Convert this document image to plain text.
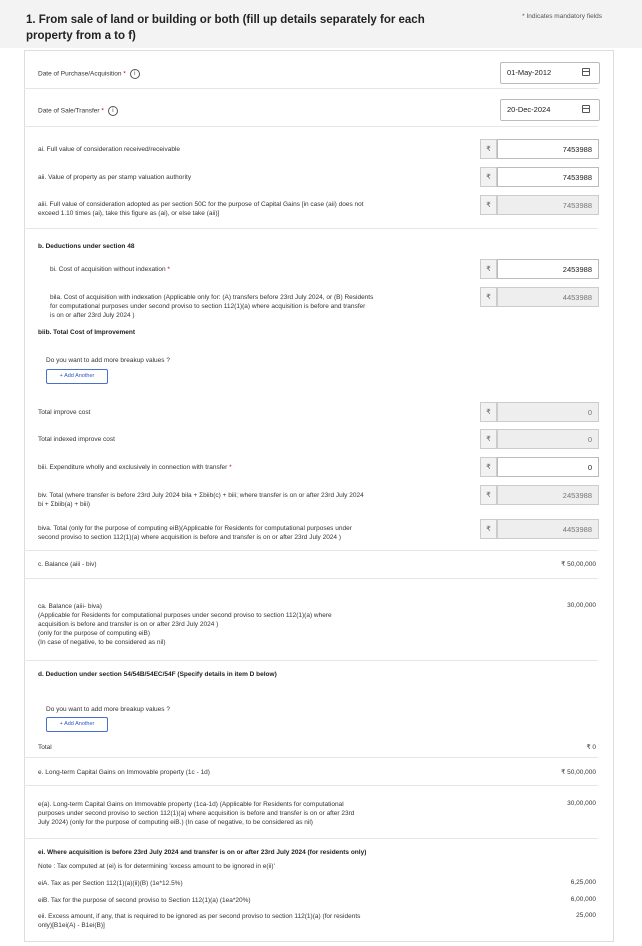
1. From sale of land or building or both (fill up details separately for each property from a to f)
* Indicates mandatory fields
Date of Purchase/Acquisition * i	01-May-2012
Date of Sale/Transfer * i	20-Dec-2024
ai. Full value of consideration received/receivable	₹	7453988
aii. Value of property as per stamp valuation authority	₹	7453988
aiii. Full value of consideration adopted as per section 50C for the purpose of Capital Gains [in case (aii) does not
exceed 1.10 times (ai), take this figure as (ai), or else take (aii)]
₹	7453988
b. Deductions under section 48
bi. Cost of acquisition without indexation *	₹	2453988
bila. Cost of acquisition with indexation (Applicable only for: (A) transfers before 23rd July 2024, or (B) Residents
for computational purposes under second proviso to section 112(1)(a) where acquisition is before and transfer
is on or after 23rd July 2024 )
₹	4453988
biib. Total Cost of Improvement
Do you want to add more breakup values ?
+ Add Another
Total improve cost	₹	0
Total indexed improve cost	₹	0
biii. Expenditure wholly and exclusively in connection with transfer *	₹	0
biv. Total (where transfer is before 23rd July 2024 bila + Σbiib(c) + biii; where transfer is on or after 23rd July 2024
bi + Σbiib(a) + biii)
₹	2453988
biva. Total (only for the purpose of computing eiB)(Applicable for Residents for computational purposes under
second proviso to section 112(1)(a) where acquisition is before and transfer is on or after 23rd July 2024 )
₹	4453988
c. Balance (aiii - biv)	₹ 50,00,000
ca. Balance (aiii- biva)
(Applicable for Residents for computational purposes under second proviso to section 112(1)(a) where
acquisition is before and transfer is on or after 23rd July 2024 )
(only for the purpose of computing eiB)
(In case of negative, to be considered as nil)
30,00,000
d. Deduction under section 54/54B/54EC/54F (Specify details in item D below)
Do you want to add more breakup values ?
+ Add Another
Total	₹ 0
e. Long-term Capital Gains on Immovable property (1c - 1d)	₹ 50,00,000
e(a). Long-term Capital Gains on Immovable property (1ca-1d) (Applicable for Residents for computational
purposes under second proviso to section 112(1)(a) where acquisition is before and transfer is on or after 23rd
July 2024) (only for the purpose of computing eiB.) (In case of negative, to be considered as nil)
30,00,000
ei. Where acquisition is before 23rd July 2024 and transfer is on or after 23rd July 2024 (for residents only)
Note : Tax computed at (ei) is for determining 'excess amount to be ignored in e(ii)'
eiA. Tax as per Section 112(1)(a)(ii)(B) (1e*12.5%)	6,25,000
eiB. Tax for the purpose of second proviso to Section 112(1)(a) (1ea*20%)	6,00,000
eii. Excess amount, if any, that is required to be ignored as per second proviso to section 112(1)(a) (for residents
only)[B1ei(A) - B1ei(B)]
25,000
